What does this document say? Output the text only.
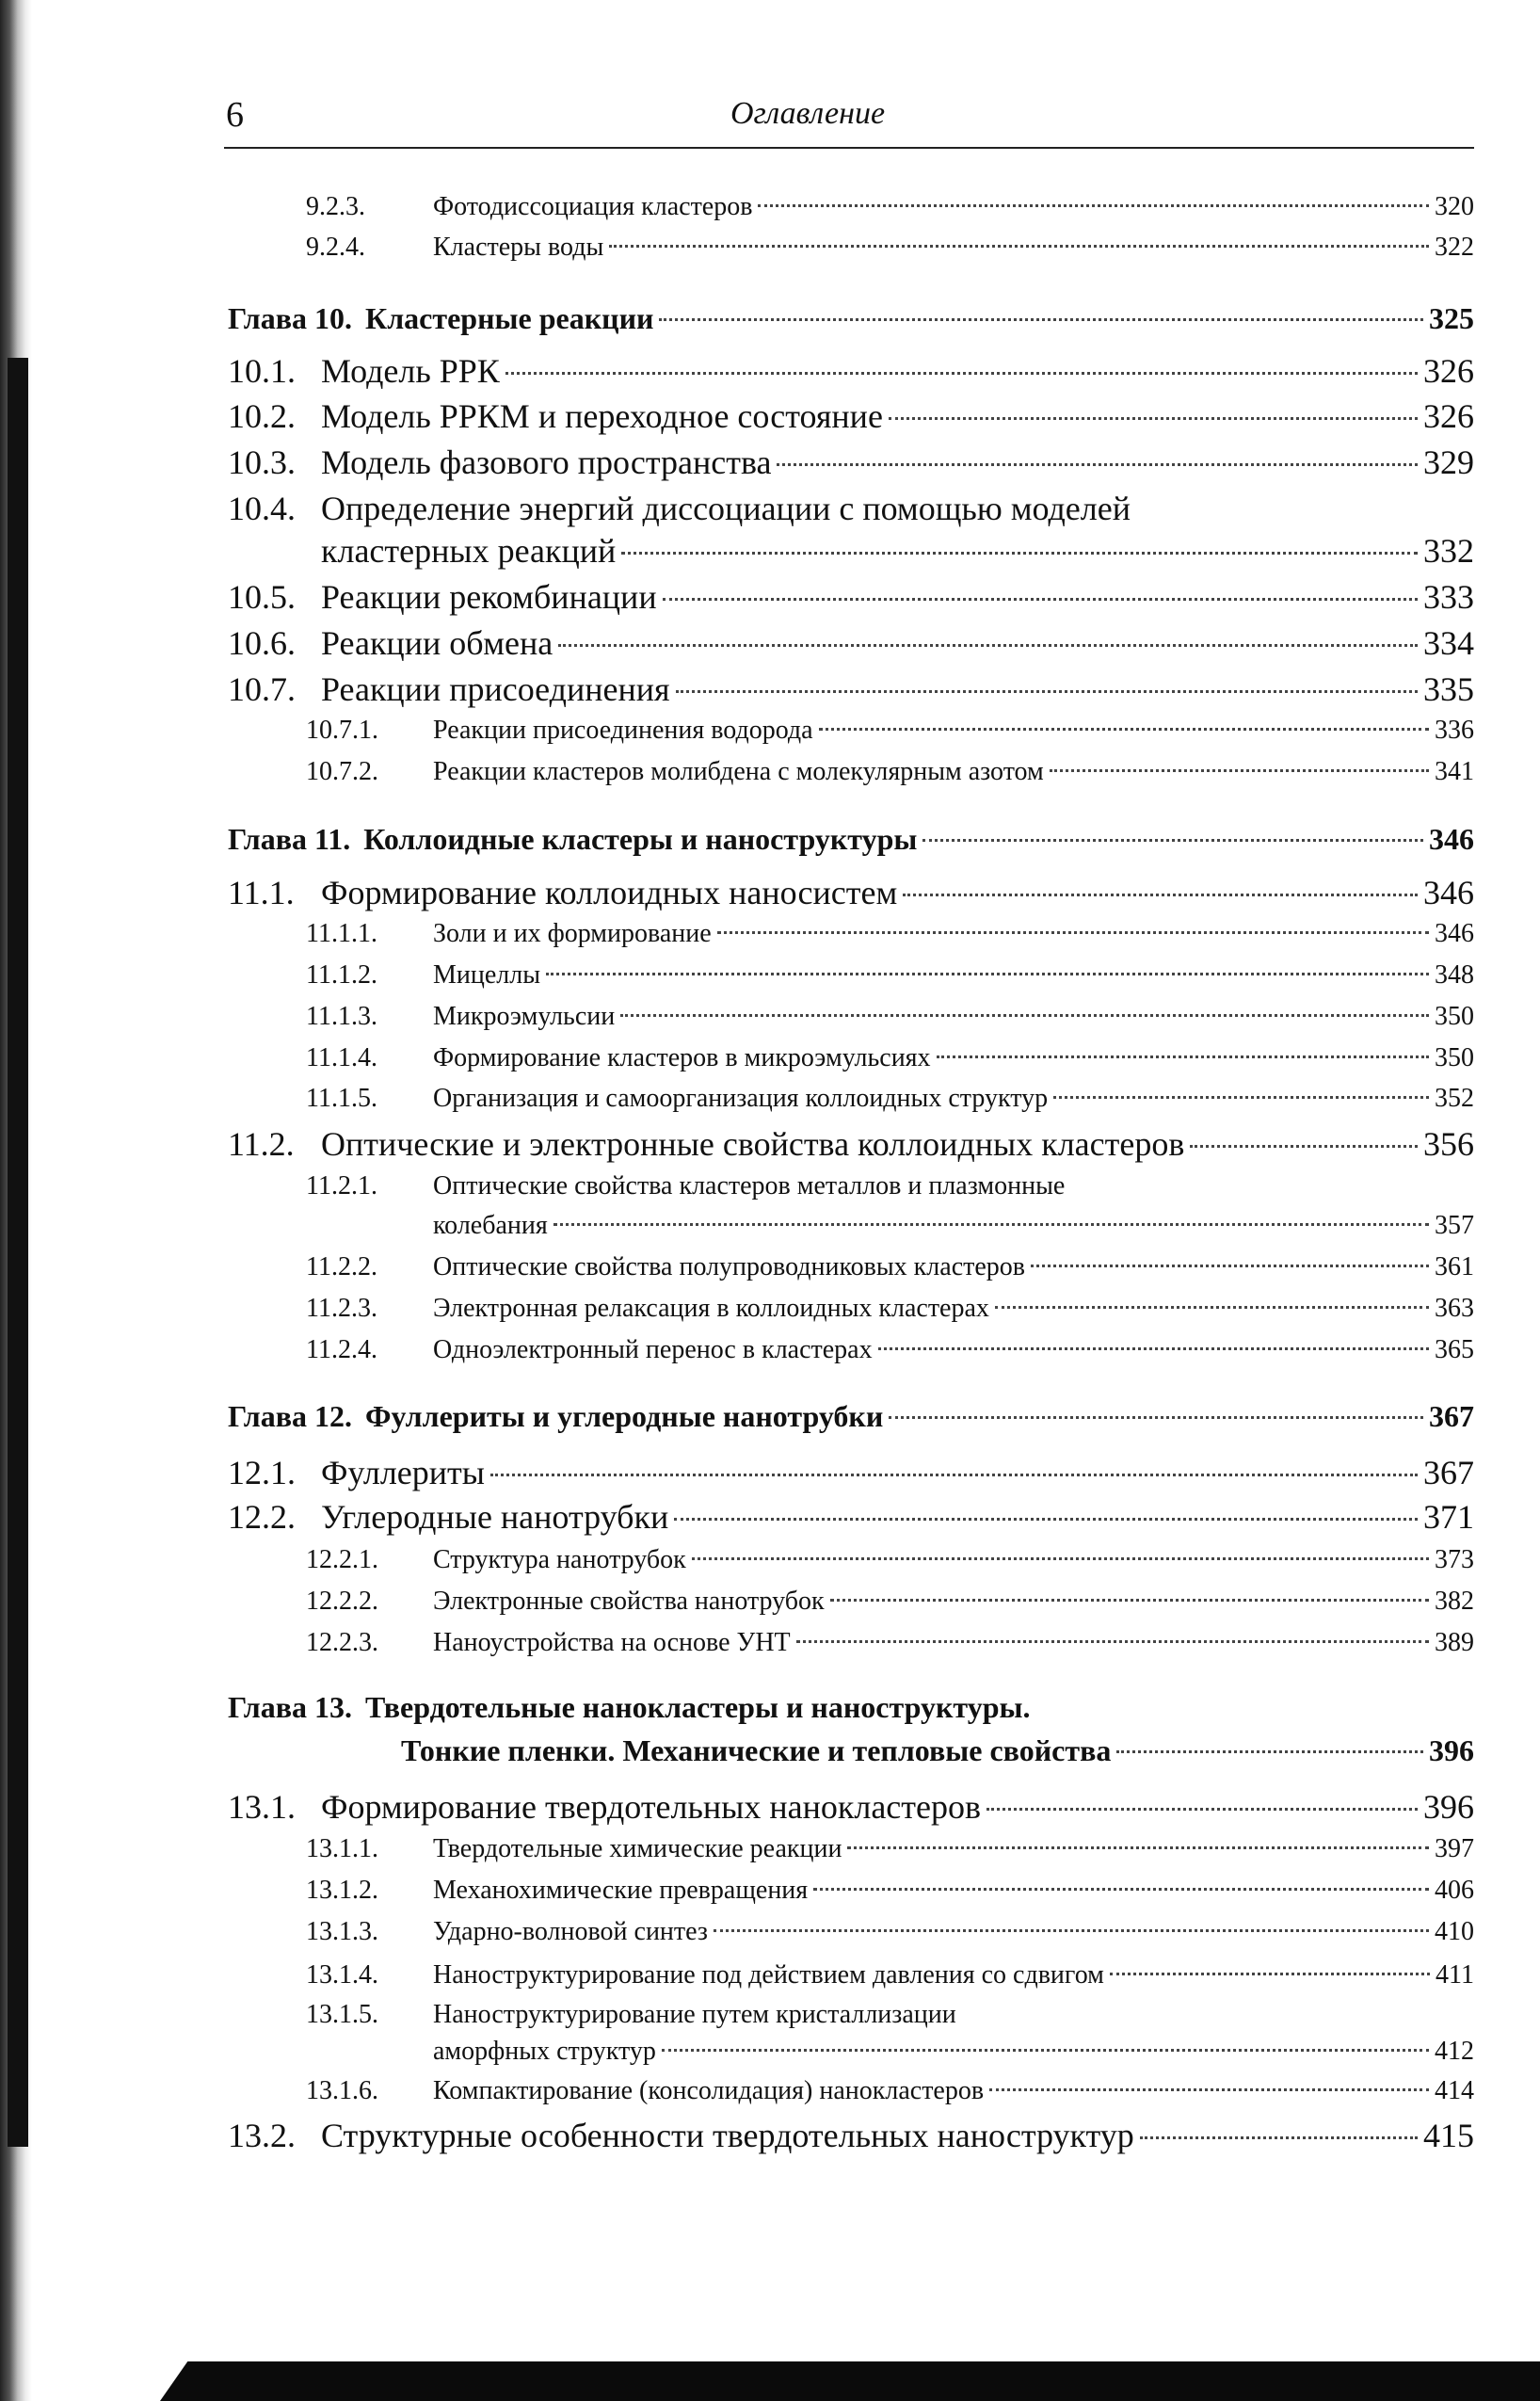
6	Оглавление
9.2.3.	Фотодиссоциация кластеров	320
9.2.4.	Кластеры воды	322
Глава 10. Кластерные реакции	325
10.1. Модель РРК	326
10.2. Модель РРКМ и переходное состояние	326
10.3. Модель фазового пространства	329
10.4. Определение энергий диссоциации с помощью моделей
кластерных реакций	332
10.5. Реакции рекомбинации	333
10.6. Реакции обмена	334
10.7. Реакции присоединения	335
10.7.1.	Реакции присоединения водорода	336
10.7.2.	Реакции кластеров молибдена с молекулярным азотом	341
Глава 11. Коллоидные кластеры и наноструктуры	346
11.1. Формирование коллоидных наносистем	346
11.1.1.	Золи и их формирование	346
11.1.2.	Мицеллы	348
11.1.3.	Микроэмульсии	350
11.1.4.	Формирование кластеров в микроэмульсиях	350
11.1.5.	Организация и самоорганизация коллоидных структур	352
11.2. Оптические и электронные свойства коллоидных кластеров	356
11.2.1.	Оптические свойства кластеров металлов и плазмонные
колебания	357
11.2.2.	Оптические свойства полупроводниковых кластеров	361
11.2.3.	Электронная релаксация в коллоидных кластерах	363
11.2.4.	Одноэлектронный перенос в кластерах	365
Глава 12. Фуллериты и углеродные нанотрубки	367
12.1. Фуллериты	367
12.2. Углеродные нанотрубки	371
12.2.1.	Структура нанотрубок	373
12.2.2.	Электронные свойства нанотрубок	382
12.2.3.	Наноустройства на основе УНТ	389
Глава 13. Твердотельные нанокластеры и наноструктуры.
Тонкие пленки. Механические и тепловые свойства	396
13.1. Формирование твердотельных нанокластеров	396
13.1.1.	Твердотельные химические реакции	397
13.1.2.	Механохимические превращения	406
13.1.3.	Ударно-волновой синтез	410
13.1.4.	Наноструктурирование под действием давления со сдвигом	411
13.1.5.	Наноструктурирование путем кристаллизации
аморфных структур	412
13.1.6.	Компактирование (консолидация) нанокластеров	414
13.2. Структурные особенности твердотельных наноструктур	415
